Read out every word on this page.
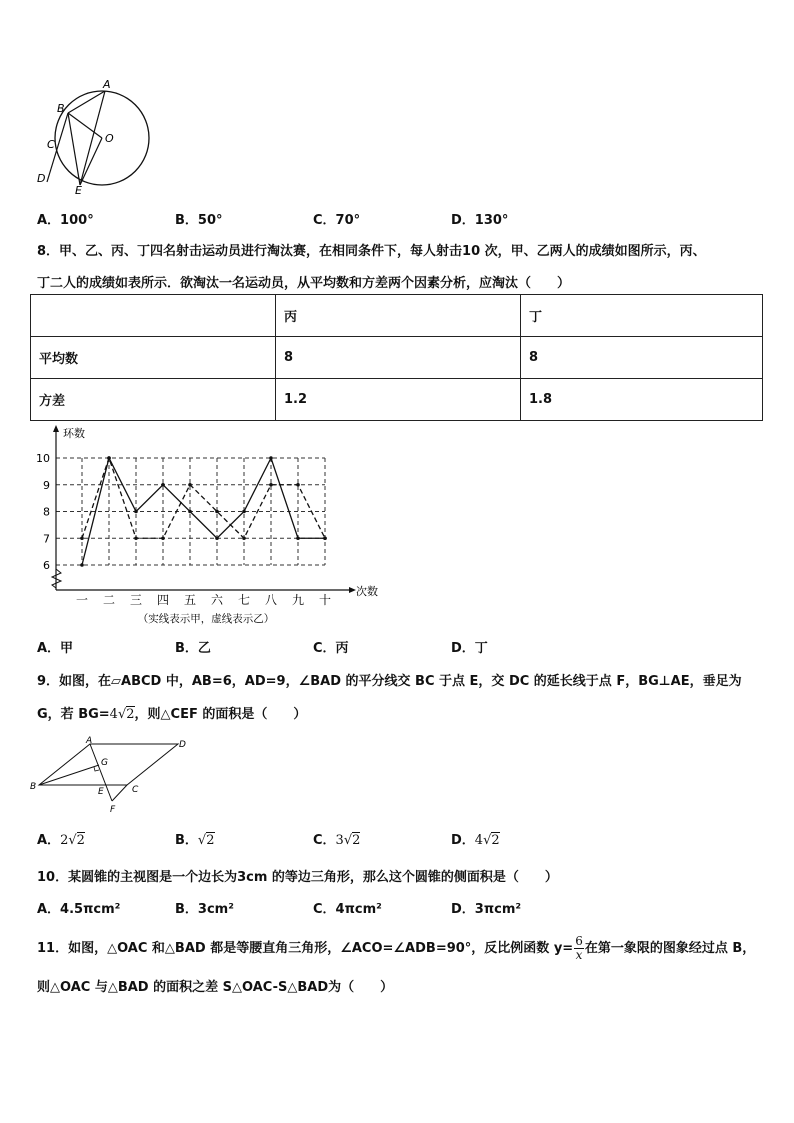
A
B
C	O
D
E
A．100°	B．50°	C．70°	D．130°
8．甲、乙、丙、丁四名射击运动员进行淘汰赛，在相同条件下，每人射击10 次，甲、乙两人的成绩如图所示，丙、
丁二人的成绩如表所示．欲淘汰一名运动员，从平均数和方差两个因素分析，应淘汰（　　）
	丙	丁
平均数	8	8
方差	1.2	1.8
6
7
8
9
10
环数
一 二 三 四 五 六 七 八 九 十
次数
（实线表示甲，虚线表示乙）
A．甲	B．乙	C．丙	D．丁
9．如图，在▱ABCD 中，AB=6，AD=9，∠BAD 的平分线交 BC 于点 E，交 DC 的延长线于点 F，BG⊥AE，垂足为
G，若 BG=4√2，则△CEF 的面积是（　　）
A	D
G
B	E	C
F
A．2√2	B．√2	C．3√2	D．4√2
10．某圆锥的主视图是一个边长为3cm 的等边三角形，那么这个圆锥的侧面积是（　　）
A．4.5πcm²	B．3cm²	C．4πcm²	D．3πcm²
11．如图，△OAC 和△BAD 都是等腰直角三角形，∠ACO=∠ADB=90°，反比例函数 $y= \frac{6}{x}$ 在第一象限的图象经过点 B，
则△OAC 与△BAD 的面积之差 S△OAC-S△BAD为（　　）
